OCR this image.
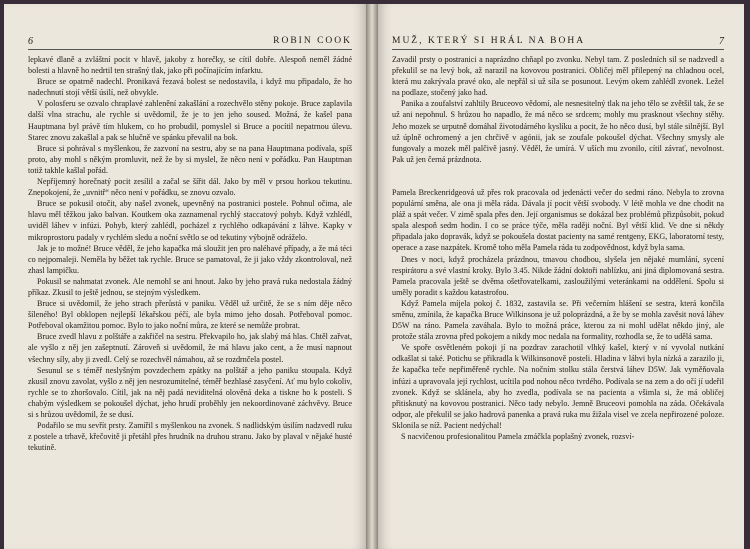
6	ROBIN COOK

lepkavé dlaně a zvláštní pocit v hlavě, jakoby z horečky, se cítil dobře. Alespoň neměl žádné bolesti a hlavně ho nedrtil ten strašný tlak, jako při počínajícím infarktu.

Bruce se opatrně nadechl. Pronikavá řezavá bolest se nedostavila, i když mu připadalo, že ho nadechnutí stojí větší úsilí, než obvykle.

V polosferu se ozvalo chraplavé zahlenění zakašlání a rozechvělo stěny pokoje. Bruce zaplavila další vlna strachu, ale rychle si uvědomil, že je to jen jeho soused. Možná, že kašel pana Hauptmana byl právě tím hlukem, co ho probudil, pomyslel si Bruce a pocítil nepatrnou úlevu. Starec znovu zakašlal a pak se hlučně ve spánku převalil na bok.

Bruce si pohrával s myšlenkou, že zazvoní na sestru, aby se na pana Hauptmana podívala, spíš proto, aby mohl s někým promluvit, než že by si myslel, že něco není v pořádku. Pan Hauptman totiž takhle kašlal pořád.

Nepříjemný horečnatý pocit zesílil a začal se šířit dál. Jako by měl v prsou horkou tekutinu. Znepokojení, že „uvnitř“ něco není v pořádku, se znovu ozvalo.

Bruce se pokusil otočit, aby našel zvonek, upevněný na postranici postele. Pohnul očima, ale hlavu měl těžkou jako balvan. Koutkem oka zaznamenal rychlý staccatový pohyb. Když vzhlédl, uviděl láhev v infúzi. Pohyb, který zahlédl, pocházel z rychlého odkapávání z láhve. Kapky v mikroprostoru padaly v rychlém sledu a noční světlo se od tekutiny výbojně odráželo.

Jak je to možné! Bruce věděl, že jeho kapačka má sloužit jen pro naléhavé případy, a že má téci co nejpomaleji. Neměla by běžet tak rychle. Bruce se pamatoval, že ji jako vždy zkontroloval, než zhasl lampičku.

Pokusil se nahmatat zvonek. Ale nemohl se ani hnout. Jako by jeho pravá ruka nedostala žádný příkaz. Zkusil to ještě jednou, se stejným výsledkem.

Bruce si uvědomil, že jeho strach přerůstá v paniku. Věděl už určitě, že se s ním děje něco šíleného! Byl obklopen nejlepší lékařskou péčí, ale byla mimo jeho dosah. Potřeboval pomoc. Potřeboval okamžitou pomoc. Bylo to jako noční můra, ze které se nemůže probrat.

Bruce zvedl hlavu z polštáře a zakřičel na sestru. Překvapilo ho, jak slabý má hlas. Chtěl zařvat, ale vyšlo z něj jen zašeptnutí. Zároveň si uvědomil, že má hlavu jako cent, a že musí napnout všechny síly, aby ji zvedl. Celý se rozechvěl námahou, až se rozdrnčela postel.

Sesunul se s téměř neslyšným povzdechem zpátky na polštář a jeho paniku stoupala. Když zkusil znovu zavolat, vyšlo z něj jen nesrozumitelné, téměř bezhlasé zasyčení. Ať mu bylo cokoliv, rychle se to zhoršovalo. Cítil, jak na něj padá neviditelná olověná deka a tiskne ho k posteli. S chabým výsledkem se pokoušel dýchat, jeho hrudí proběhly jen nekoordinované záchvěvy. Bruce si s hrůzou uvědomil, že se dusí.

Podařilo se mu sevřít prsty. Zamířil s myšlenkou na zvonek. S nadlidským úsilím nadzvedl ruku z postele a trhavě, křečovitě ji přetáhl přes hrudník na druhou stranu. Jako by plaval v nějaké husté tekutině.

MUŽ, KTERÝ SI HRÁL NA BOHA	7

Zavadil prsty o postranici a naprázdno chňapl po zvonku. Nebyl tam. Z posledních sil se nadzvedl a překulil se na levý bok, až narazil na kovovou postranici. Obličej měl přilepený na chladnou ocel, která mu zakrývala pravé oko, ale nepřál si už síla se posunout. Levým okem zahlédl zvonek. Ležel na podlaze, stočený jako had.

Panika a zoufalství zahltily Bruceovo vědomí, ale nesnesitelný tlak na jeho tělo se zvětšil tak, že se už ani nepohnul. S hrůzou ho napadlo, že má něco se srdcem; mohly mu prasknout všechny stěhy. Jeho mozek se urputně domáhal životodárného kyslíku a pocit, že ho něco dusí, byl stále silnější. Byl už úplně ochromený a jen chrčivě v agónii, jak se zoufale pokoušel dýchat. Všechny smysly ale fungovaly a mozek měl palčivě jasný. Věděl, že umírá. V uších mu zvonilo, cítil závrať, nevolnost. Pak už jen černá prázdnota.

Pamela Breckenridgeová už přes rok pracovala od jedenácti večer do sedmi ráno. Nebyla to zrovna populární směna, ale ona ji měla ráda. Dávala jí pocit větší svobody. V létě mohla ve dne chodit na pláž a spát večer. V zimě spala přes den. Její organismus se dokázal bez problémů přizpůsobit, pokud spala alespoň sedm hodin. I co se práce týče, měla raději noční. Byl větší klid. Ve dne si někdy připadala jako dopravák, když se pokoušela dostat pacienty na samé rentgeny, EKG, laboratorní testy, operace a zase nazpátek. Kromě toho měla Pamela ráda tu zodpovědnost, když byla sama.

Dnes v noci, když procházela prázdnou, tmavou chodbou, slyšela jen nějaké mumlání, sycení respirátoru a své vlastní kroky. Bylo 3.45. Nikde žádní doktoři nablízku, ani jiná diplomovaná sestra. Pamela pracovala ještě se dvěma ošetřovatelkami, zasloužilými veteránkami na oddělení. Spolu si uměly poradit s každou katastrofou.

Když Pamela míjela pokoj č. 1832, zastavila se. Při večerním hlášení se sestra, která končila směnu, zmínila, že kapačka Bruce Wilkinsona je už poloprázdná, a že by se mohla zavěsit nová láhev D5W na ráno. Pamela zaváhala. Bylo to možná práce, kterou za ni mohl udělat někdo jiný, ale protože stála zrovna před pokojem a nikdy moc nedala na formality, rozhodla se, že to udělá sama.

Ve spoře osvětleném pokoji jí na pozdrav zarachotil vlhký kašel, který v ní vyvolal nutkání odkašlat si také. Potichu se přikradla k Wilkinsonově posteli. Hladina v láhvi byla nízká a zarazilo ji, že kapačka teče nepřiměřeně rychle. Na nočním stolku stála čerstvá láhev D5W. Jak vyměňovala infúzi a upravovala její rychlost, ucítila pod nohou něco tvrdého. Podívala se na zem a do očí jí udeřil zvonek. Když se sklánela, aby ho zvedla, podívala se na pacienta a všimla si, že má obličej přitisknutý na kovovou postranici. Něco tady nebylo. Jemně Bruceovi pomohla na záda. Očekávala odpor, ale překulil se jako hadrová panenka a pravá ruka mu žižala visel ve zcela nepřirozené poloze. Sklonila se níž. Pacient nedýchal!

S nacvičenou profesionalitou Pamela zmáčkla poplašný zvonek, rozsví-
